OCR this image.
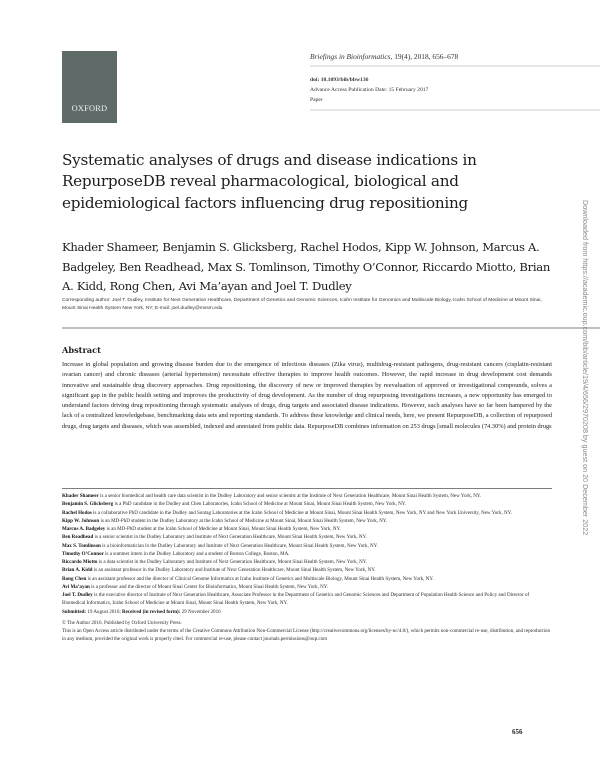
OXFORD
Briefings in Bioinformatics, 19(4), 2018, 656–678
doi: 10.1093/bib/bbw136
Advance Access Publication Date: 15 February 2017
Paper
Systematic analyses of drugs and disease indications in RepurposeDB reveal pharmacological, biological and epidemiological factors influencing drug repositioning
Khader Shameer, Benjamin S. Glicksberg, Rachel Hodos, Kipp W. Johnson, Marcus A. Badgeley, Ben Readhead, Max S. Tomlinson, Timothy O’Connor, Riccardo Miotto, Brian A. Kidd, Rong Chen, Avi Ma’ayan and Joel T. Dudley
Corresponding author: Joel T. Dudley, Institute for Next Generation Healthcare, Department of Genetics and Genomic Sciences, Icahn Institute for Genomics and Multiscale Biology, Icahn School of Medicine at Mount Sinai, Mount Sinai Health System New York, NY; E-mail: joel.dudley@mssm.edu
Abstract

Increase in global population and growing disease burden due to the emergence of infectious diseases (Zika virus), multidrug-resistant pathogens, drug-resistant cancers (cisplatin-resistant ovarian cancer) and chronic diseases (arterial hypertension) necessitate effective therapies to improve health outcomes. However, the rapid increase in drug development cost demands innovative and sustainable drug discovery approaches. Drug repositioning, the discovery of new or improved therapies by reevaluation of approved or investigational compounds, solves a significant gap in the public health setting and improves the productivity of drug development. As the number of drug repurposing investigations increases, a new opportunity has emerged to understand factors driving drug repositioning through systematic analyses of drugs, drug targets and associated disease indications. However, such analyses have so far been hampered by the lack of a centralized knowledgebase, benchmarking data sets and reporting standards. To address these knowledge and clinical needs, here, we present RepurposeDB, a collection of repurposed drugs, drug targets and diseases, which was assembled, indexed and annotated from public data. RepurposeDB combines information on 253 drugs [small molecules (74.30%) and protein drugs

Khader Shameer is a senior biomedical and health care data scientist in the Dudley Laboratory and senior scientist at the Institute of Next Generation Healthcare, Mount Sinai Health System, New York, NY.

Benjamin S. Glicksberg is a PhD candidate in the Dudley and Chen Laboratories, Icahn School of Medicine at Mount Sinai, Mount Sinai Health System, New York, NY.

Rachel Hodos is a collaborative PhD candidate in the Dudley and Sontag Laboratories at the Icahn School of Medicine at Mount Sinai, Mount Sinai Health System, New York, NY and New York University, New York, NY.

Kipp W. Johnson is an MD-PhD student in the Dudley Laboratory at the Icahn School of Medicine at Mount Sinai, Mount Sinai Health System, New York, NY.

Marcus A. Badgeley is an MD-PhD student at the Icahn School of Medicine at Mount Sinai, Mount Sinai Health System, New York, NY.

Ben Readhead is a senior scientist in the Dudley Laboratory and Institute of Next Generation Healthcare, Mount Sinai Health System, New York, NY.

Max S. Tomlinson is a bioinformatician in the Dudley Laboratory and Institute of Next Generation Healthcare, Mount Sinai Health System, New York, NY.

Timothy O’Connor is a summer intern in the Dudley Laboratory and a student of Boston College, Boston, MA.

Riccardo Miotto is a data scientist in the Dudley Laboratory and Institute of Next Generation Healthcare, Mount Sinai Health System, New York, NY.

Brian A. Kidd is an assistant professor in the Dudley Laboratory and Institute of Next Generation Healthcare, Mount Sinai Health System, New York, NY.

Rong Chen is an assistant professor and the director of Clinical Genome Informatics at Icahn Institute of Genetics and Multiscale Biology, Mount Sinai Health System, New York, NY.

Avi Ma’ayan is a professor and the director of Mount Sinai Center for Bioinformatics, Mount Sinai Health System, New York, NY.

Joel T. Dudley is the executive director of Institute of Next Generation Healthcare, Associate Professor in the Department of Genetics and Genomic Sciences and Department of Population Health Science and Policy and Director of Biomedical Informatics, Icahn School of Medicine at Mount Sinai, Mount Sinai Health System, New York, NY.

Submitted: 19 August 2016; Received (in revised form): 29 November 2016

© The Author 2016. Published by Oxford University Press.

This is an Open Access article distributed under the terms of the Creative Commons Attribution Non-Commercial License (http://creativecommons.org/licenses/by-nc/4.0/), which permits non-commercial re-use, distribution, and reproduction in any medium, provided the original work is properly cited. For commercial re-use, please contact journals.permissions@oup.com

656
Downloaded from https://academic.oup.com/bib/article/19/4/656/2970208 by guest on 20 December 2022
